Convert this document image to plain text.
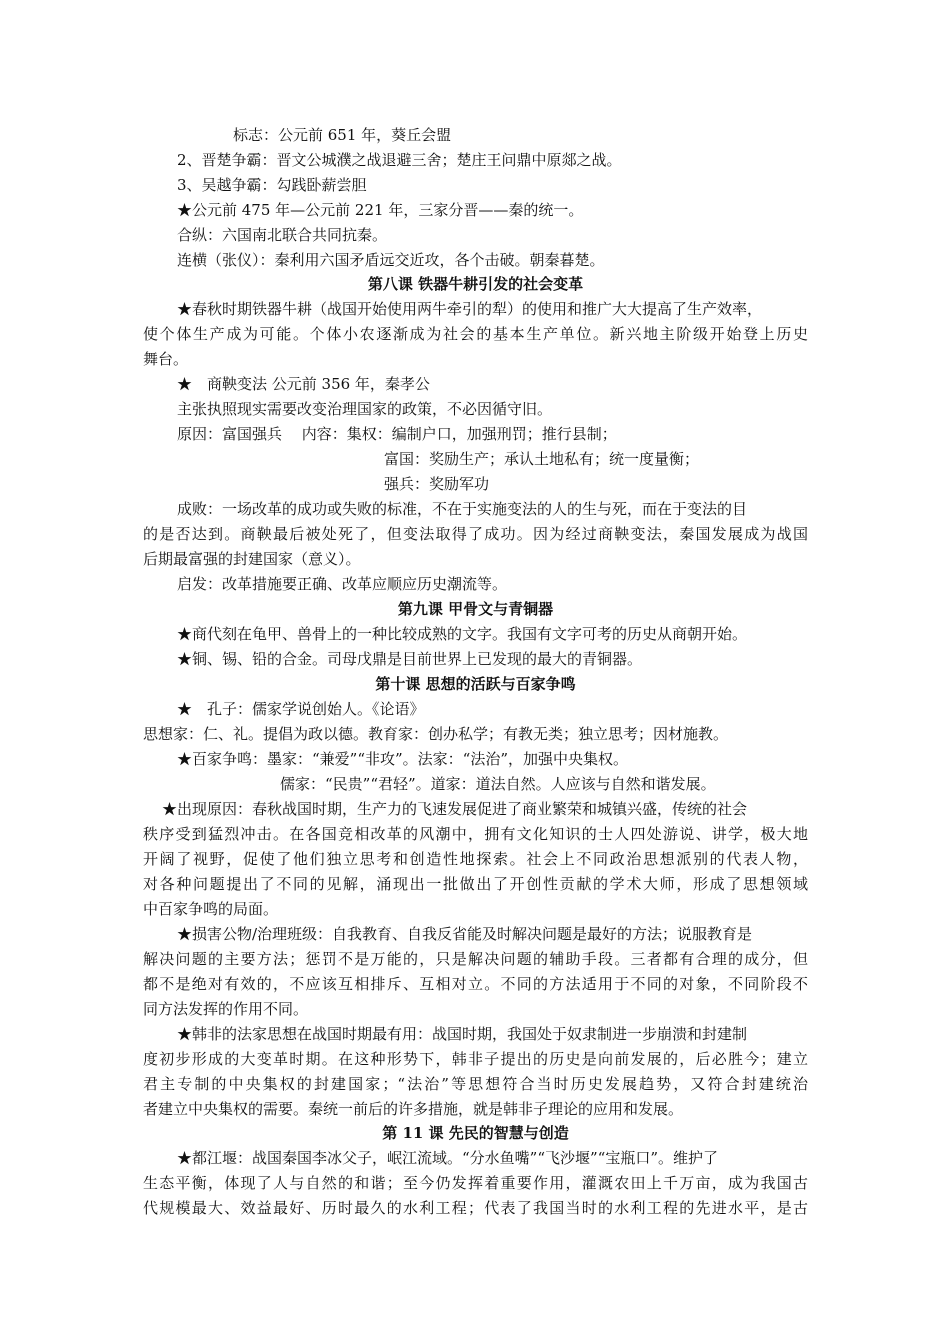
标志：公元前 651 年，葵丘会盟
2、晋楚争霸：晋文公城濮之战退避三舍；楚庄王问鼎中原郯之战。
3、吴越争霸：勾践卧薪尝胆
★公元前 475 年—公元前 221 年，三家分晋——秦的统一。
合纵：六国南北联合共同抗秦。
连横（张仪）：秦利用六国矛盾远交近攻，各个击破。朝秦暮楚。
第八课 铁器牛耕引发的社会变革
★春秋时期铁器牛耕（战国开始使用两牛牵引的犁）的使用和推广大大提高了生产效率，
使个体生产成为可能。个体小农逐渐成为社会的基本生产单位。新兴地主阶级开始登上历史
舞台。
★　商鞅变法 公元前 356 年，秦孝公
主张执照现实需要改变治理国家的政策，不必因循守旧。
原因：富国强兵　 内容：集权：编制户口，加强刑罚；推行县制；
富国：奖励生产；承认土地私有；统一度量衡；
强兵：奖励军功
成败：一场改革的成功或失败的标准，不在于实施变法的人的生与死，而在于变法的目
的是否达到。商鞅最后被处死了，但变法取得了成功。因为经过商鞅变法，秦国发展成为战国
后期最富强的封建国家（意义）。
启发：改革措施要正确、改革应顺应历史潮流等。
第九课 甲骨文与青铜器
★商代刻在龟甲、兽骨上的一种比较成熟的文字。我国有文字可考的历史从商朝开始。
★铜、锡、铅的合金。司母戊鼎是目前世界上已发现的最大的青铜器。
第十课 思想的活跃与百家争鸣
★　孔子：儒家学说创始人。《论语》
思想家：仁、礼。提倡为政以德。教育家：创办私学；有教无类；独立思考；因材施教。
★百家争鸣：墨家：“兼爱”“非攻”。法家：“法治”，加强中央集权。
儒家：“民贵”“君轻”。道家：道法自然。人应该与自然和谐发展。
★出现原因：春秋战国时期，生产力的飞速发展促进了商业繁荣和城镇兴盛，传统的社会
秩序受到猛烈冲击。在各国竞相改革的风潮中，拥有文化知识的士人四处游说、讲学，极大地
开阔了视野，促使了他们独立思考和创造性地探索。社会上不同政治思想派别的代表人物，
对各种问题提出了不同的见解，涌现出一批做出了开创性贡献的学术大师，形成了思想领域
中百家争鸣的局面。
★损害公物/治理班级：自我教育、自我反省能及时解决问题是最好的方法；说服教育是
解决问题的主要方法；惩罚不是万能的，只是解决问题的辅助手段。三者都有合理的成分，但
都不是绝对有效的，不应该互相排斥、互相对立。不同的方法适用于不同的对象，不同阶段不
同方法发挥的作用不同。
★韩非的法家思想在战国时期最有用：战国时期，我国处于奴隶制进一步崩溃和封建制
度初步形成的大变革时期。在这种形势下，韩非子提出的历史是向前发展的，后必胜今；建立
君主专制的中央集权的封建国家；“法治”等思想符合当时历史发展趋势，又符合封建统治
者建立中央集权的需要。秦统一前后的许多措施，就是韩非子理论的应用和发展。
第 11 课 先民的智慧与创造
★都江堰：战国秦国李冰父子，岷江流域。“分水鱼嘴”“飞沙堰”“宝瓶口”。维护了
生态平衡，体现了人与自然的和谐；至今仍发挥着重要作用，灌溉农田上千万亩，成为我国古
代规模最大、效益最好、历时最久的水利工程；代表了我国当时的水利工程的先进水平，是古
